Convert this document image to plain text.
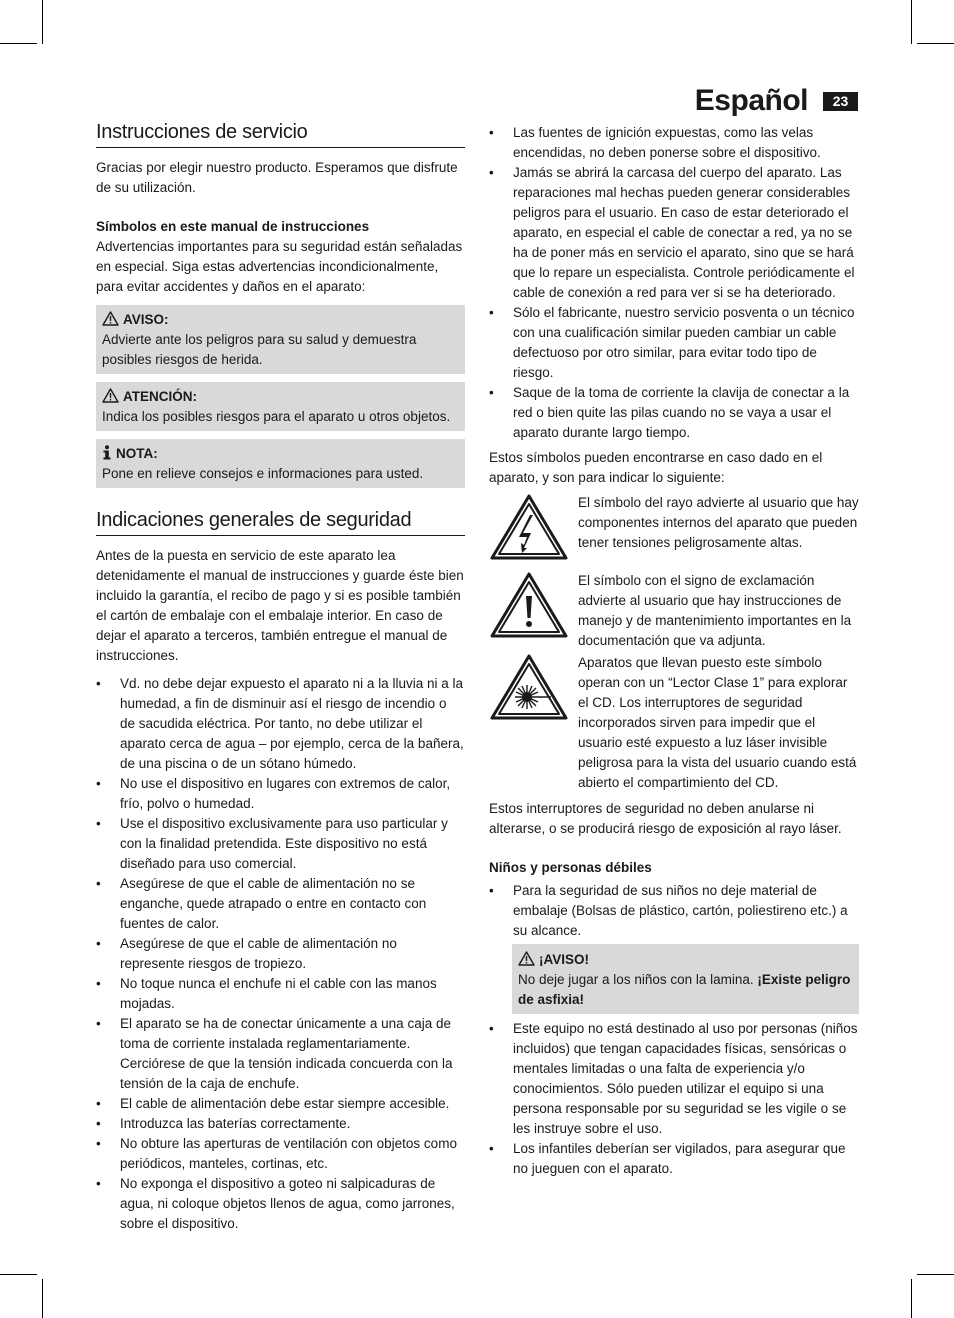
Español	23
Instrucciones de servicio

Gracias por elegir nuestro producto. Esperamos que disfrute de su utilización.

Símbolos en este manual de instrucciones

Advertencias importantes para su seguridad están señaladas en especial. Siga estas advertencias incondicionalmente, para evitar accidentes y daños en el aparato:

AVISO:
Advierte ante los peligros para su salud y demuestra posibles riesgos de herida.
ATENCIÓN:
Indica los posibles riesgos para el aparato u otros objetos.
NOTA:
Pone en relieve consejos e informaciones para usted.
Indicaciones generales de seguridad

Antes de la puesta en servicio de este aparato lea detenidamente el manual de instrucciones y guarde éste bien incluido la garantía, el recibo de pago y si es posible también el cartón de embalaje con el embalaje interior. En caso de dejar el aparato a terceros, también entregue el manual de instrucciones.

• Vd. no debe dejar expuesto el aparato ni a la lluvia ni a la humedad, a fin de disminuir así el riesgo de incendio o de sacudida eléctrica. Por tanto, no debe utilizar el aparato cerca de agua – por ejemplo, cerca de la bañera, de una piscina o de un sótano húmedo.
• No use el dispositivo en lugares con extremos de calor, frío, polvo o humedad.
• Use el dispositivo exclusivamente para uso particular y con la finalidad pretendida. Este dispositivo no está diseñado para uso comercial.
• Asegúrese de que el cable de alimentación no se enganche, quede atrapado o entre en contacto con fuentes de calor.
• Asegúrese de que el cable de alimentación no represente riesgos de tropiezo.
• No toque nunca el enchufe ni el cable con las manos mojadas.
• El aparato se ha de conectar únicamente a una caja de toma de corriente instalada reglamentariamente. Cerciórese de que la tensión indicada concuerda con la tensión de la caja de enchufe.
• El cable de alimentación debe estar siempre accesible.
• Introduzca las baterías correctamente.
• No obture las aperturas de ventilación con objetos como periódicos, manteles, cortinas, etc.
• No exponga el dispositivo a goteo ni salpicaduras de agua, ni coloque objetos llenos de agua, como jarrones, sobre el dispositivo.
• Las fuentes de ignición expuestas, como las velas encendidas, no deben ponerse sobre el dispositivo.
• Jamás se abrirá la carcasa del cuerpo del aparato. Las reparaciones mal hechas pueden generar considerables peligros para el usuario. En caso de estar deteriorado el aparato, en especial el cable de conectar a red, ya no se ha de poner más en servicio el aparato, sino que se hará que lo repare un especialista. Controle periódicamente el cable de conexión a red para ver si se ha deteriorado.
• Sólo el fabricante, nuestro servicio posventa o un técnico con una cualificación similar pueden cambiar un cable defectuoso por otro similar, para evitar todo tipo de riesgo.
• Saque de la toma de corriente la clavija de conectar a la red o bien quite las pilas cuando no se vaya a usar el aparato durante largo tiempo.

Estos símbolos pueden encontrarse en caso dado en el aparato, y son para indicar lo siguiente:

El símbolo del rayo advierte al usuario que hay componentes internos del aparato que pueden tener tensiones peligrosamente altas.
El símbolo con el signo de exclamación advierte al usuario que hay instrucciones de manejo y de mantenimiento importantes en la documentación que va adjunta.
Aparatos que llevan puesto este símbolo operan con un “Lector Clase 1” para explorar el CD. Los interruptores de seguridad incorporados sirven para impedir que el usuario esté expuesto a luz láser invisible peligrosa para la vista del usuario cuando está abierto el compartimiento del CD.

Estos interruptores de seguridad no deben anularse ni alterarse, o se producirá riesgo de exposición al rayo láser.

Niños y personas débiles

• Para la seguridad de sus niños no deje material de embalaje (Bolsas de plástico, cartón, poliestireno etc.) a su alcance.
¡AVISO!
No deje jugar a los niños con la lamina. ¡Existe peligro de asfixia!
• Este equipo no está destinado al uso por personas (niños incluidos) que tengan capacidades físicas, sensóricas o mentales limitadas o una falta de experiencia y/o conocimientos. Sólo pueden utilizar el equipo si una persona responsable por su seguridad se les vigile o se les instruye sobre el uso.
• Los infantiles deberían ser vigilados, para asegurar que no jueguen con el aparato.
